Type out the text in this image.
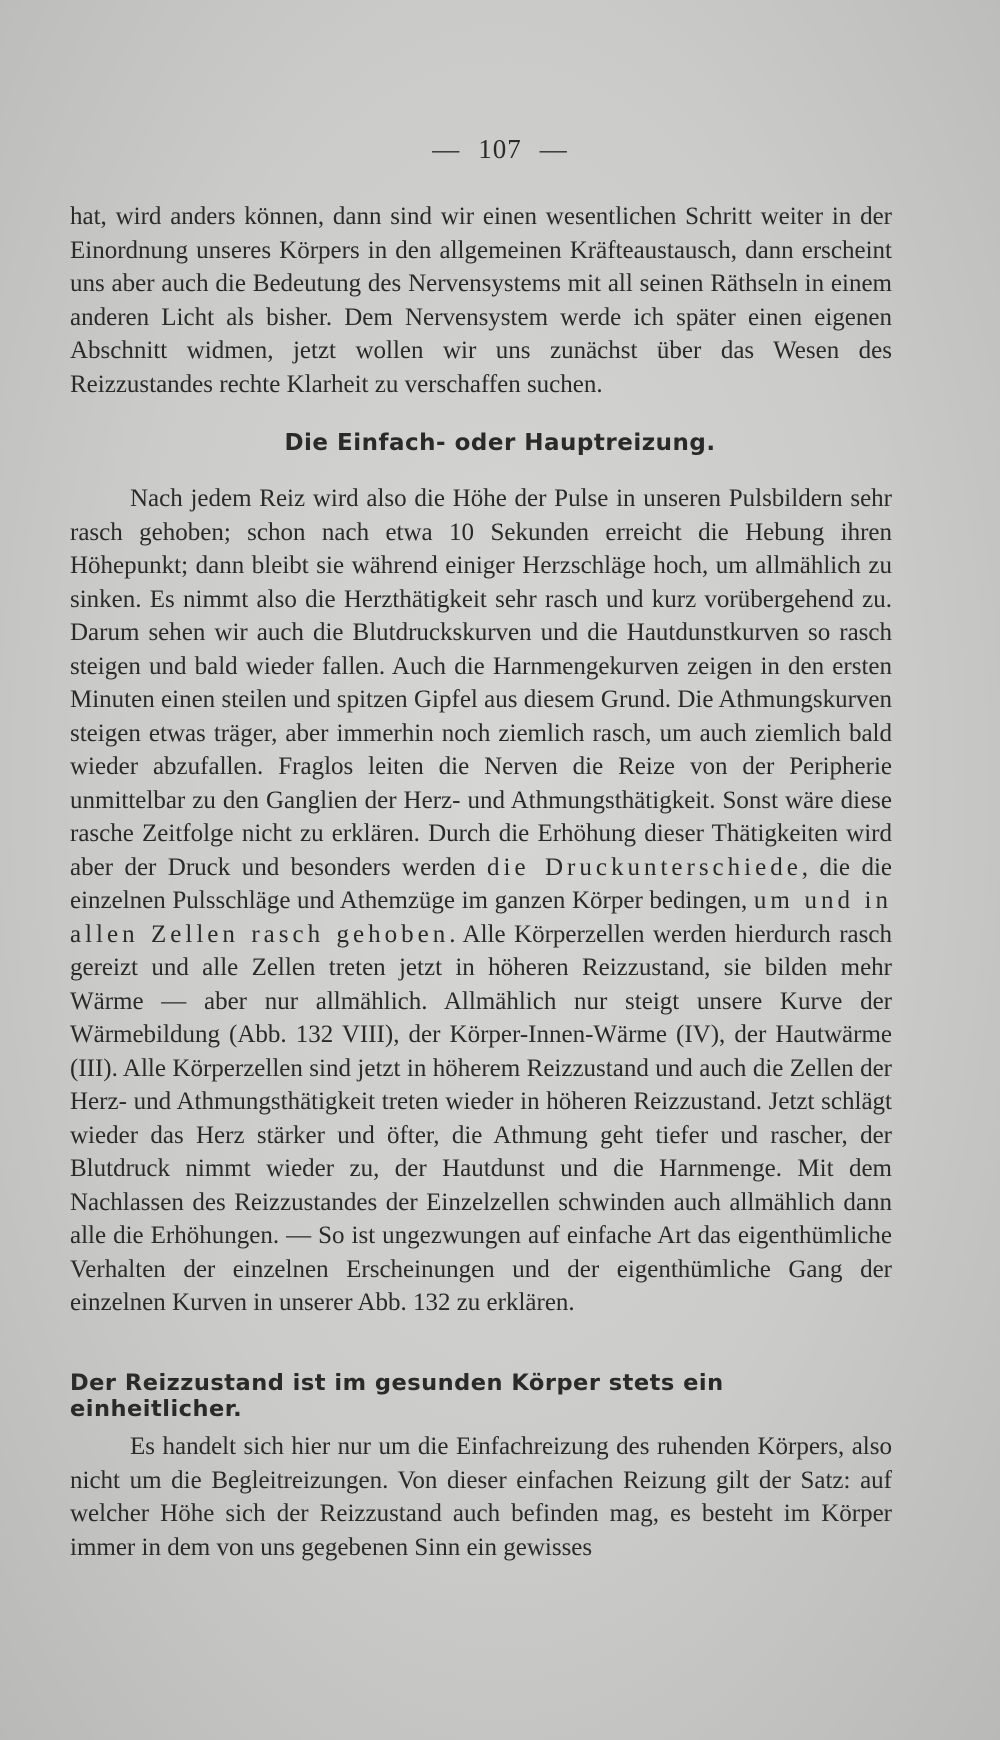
— 107 —

hat, wird anders können, dann sind wir einen wesentlichen Schritt weiter in der Einordnung unseres Körpers in den allgemeinen Kräfteaustausch, dann erscheint uns aber auch die Bedeutung des Nervensystems mit all seinen Räthseln in einem anderen Licht als bisher. Dem Nervensystem werde ich später einen eigenen Abschnitt widmen, jetzt wollen wir uns zunächst über das Wesen des Reizzustandes rechte Klarheit zu verschaffen suchen.

Die Einfach- oder Hauptreizung.

Nach jedem Reiz wird also die Höhe der Pulse in unseren Pulsbildern sehr rasch gehoben; schon nach etwa 10 Sekunden erreicht die Hebung ihren Höhepunkt; dann bleibt sie während einiger Herzschläge hoch, um allmählich zu sinken. Es nimmt also die Herzthätigkeit sehr rasch und kurz vorübergehend zu. Darum sehen wir auch die Blutdruckskurven und die Hautdunstkurven so rasch steigen und bald wieder fallen. Auch die Harnmengekurven zeigen in den ersten Minuten einen steilen und spitzen Gipfel aus diesem Grund. Die Athmungskurven steigen etwas träger, aber immerhin noch ziemlich rasch, um auch ziemlich bald wieder abzufallen. Fraglos leiten die Nerven die Reize von der Peripherie unmittelbar zu den Ganglien der Herz- und Athmungsthätigkeit. Sonst wäre diese rasche Zeitfolge nicht zu erklären. Durch die Erhöhung dieser Thätigkeiten wird aber der Druck und besonders werden die Druckunterschiede, die die einzelnen Pulsschläge und Athemzüge im ganzen Körper bedingen, um und in allen Zellen rasch gehoben. Alle Körperzellen werden hierdurch rasch gereizt und alle Zellen treten jetzt in höheren Reizzustand, sie bilden mehr Wärme — aber nur allmählich. Allmählich nur steigt unsere Kurve der Wärmebildung (Abb. 132 VIII), der Körper-Innen-Wärme (IV), der Hautwärme (III). Alle Körperzellen sind jetzt in höherem Reizzustand und auch die Zellen der Herz- und Athmungsthätigkeit treten wieder in höheren Reizzustand. Jetzt schlägt wieder das Herz stärker und öfter, die Athmung geht tiefer und rascher, der Blutdruck nimmt wieder zu, der Hautdunst und die Harnmenge. Mit dem Nachlassen des Reizzustandes der Einzelzellen schwinden auch allmählich dann alle die Erhöhungen. — So ist ungezwungen auf einfache Art das eigenthümliche Verhalten der einzelnen Erscheinungen und der eigenthümliche Gang der einzelnen Kurven in unserer Abb. 132 zu erklären.

Der Reizzustand ist im gesunden Körper stets ein einheitlicher.

Es handelt sich hier nur um die Einfachreizung des ruhenden Körpers, also nicht um die Begleitreizungen. Von dieser einfachen Reizung gilt der Satz: auf welcher Höhe sich der Reizzustand auch befinden mag, es besteht im Körper immer in dem von uns gegebenen Sinn ein gewisses
